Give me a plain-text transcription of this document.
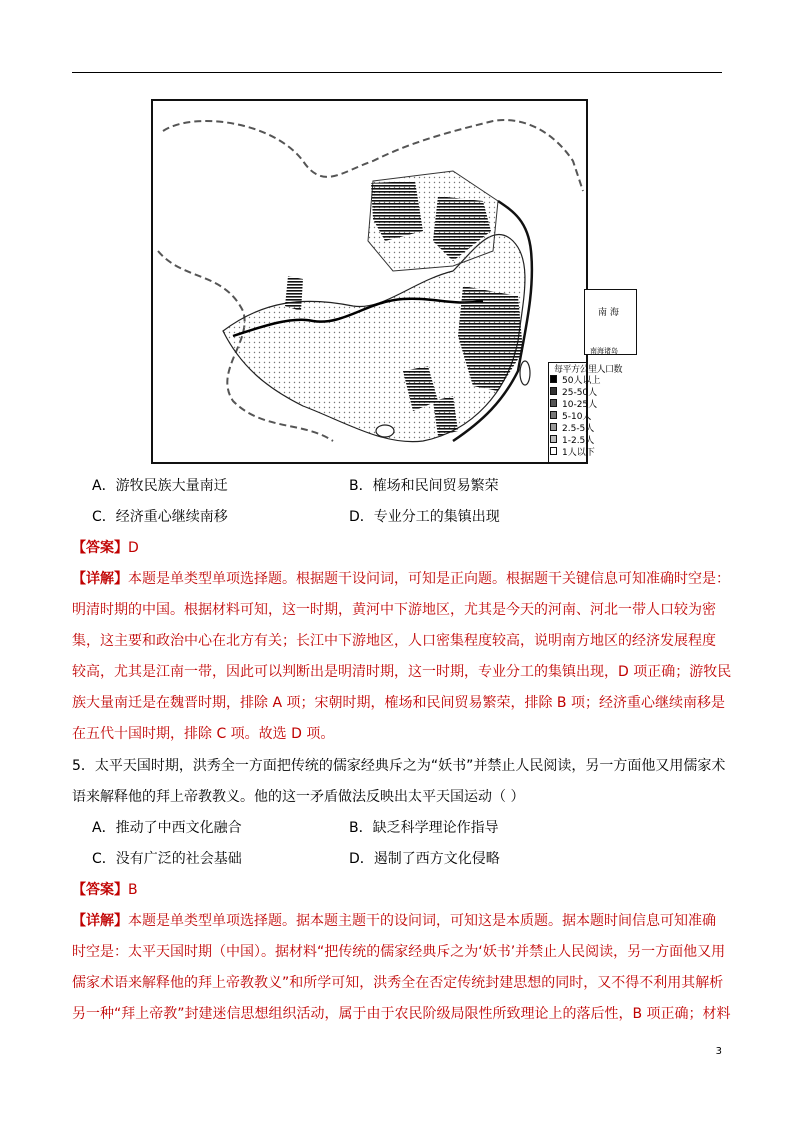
南 海
南海诸岛
每平方公里人口数
50人以上
25-50人
10-25人
5-10人
2.5-5人
1-2.5人
1人以下
A．游牧民族大量南迁	B．榷场和民间贸易繁荣
C．经济重心继续南移	D．专业分工的集镇出现
【答案】D
【详解】本题是单类型单项选择题。根据题干设问词，可知是正向题。根据题干关键信息可知准确时空是：
明清时期的中国。根据材料可知，这一时期，黄河中下游地区，尤其是今天的河南、河北一带人口较为密
集，这主要和政治中心在北方有关；长江中下游地区，人口密集程度较高，说明南方地区的经济发展程度
较高，尤其是江南一带，因此可以判断出是明清时期，这一时期，专业分工的集镇出现，D 项正确；游牧民
族大量南迁是在魏晋时期，排除 A 项；宋朝时期，榷场和民间贸易繁荣，排除 B 项；经济重心继续南移是
在五代十国时期，排除 C 项。故选 D 项。
5．太平天国时期，洪秀全一方面把传统的儒家经典斥之为“妖书”并禁止人民阅读，另一方面他又用儒家术
语来解释他的拜上帝教教义。他的这一矛盾做法反映出太平天国运动（ ）
A．推动了中西文化融合	B．缺乏科学理论作指导
C．没有广泛的社会基础	D．遏制了西方文化侵略
【答案】B
【详解】本题是单类型单项选择题。据本题主题干的设问词，可知这是本质题。据本题时间信息可知准确
时空是：太平天国时期（中国）。据材料“把传统的儒家经典斥之为‘妖书’并禁止人民阅读，另一方面他又用
儒家术语来解释他的拜上帝教教义”和所学可知，洪秀全在否定传统封建思想的同时，又不得不利用其解析
另一种“拜上帝教”封建迷信思想组织活动，属于由于农民阶级局限性所致理论上的落后性，B 项正确；材料
3
